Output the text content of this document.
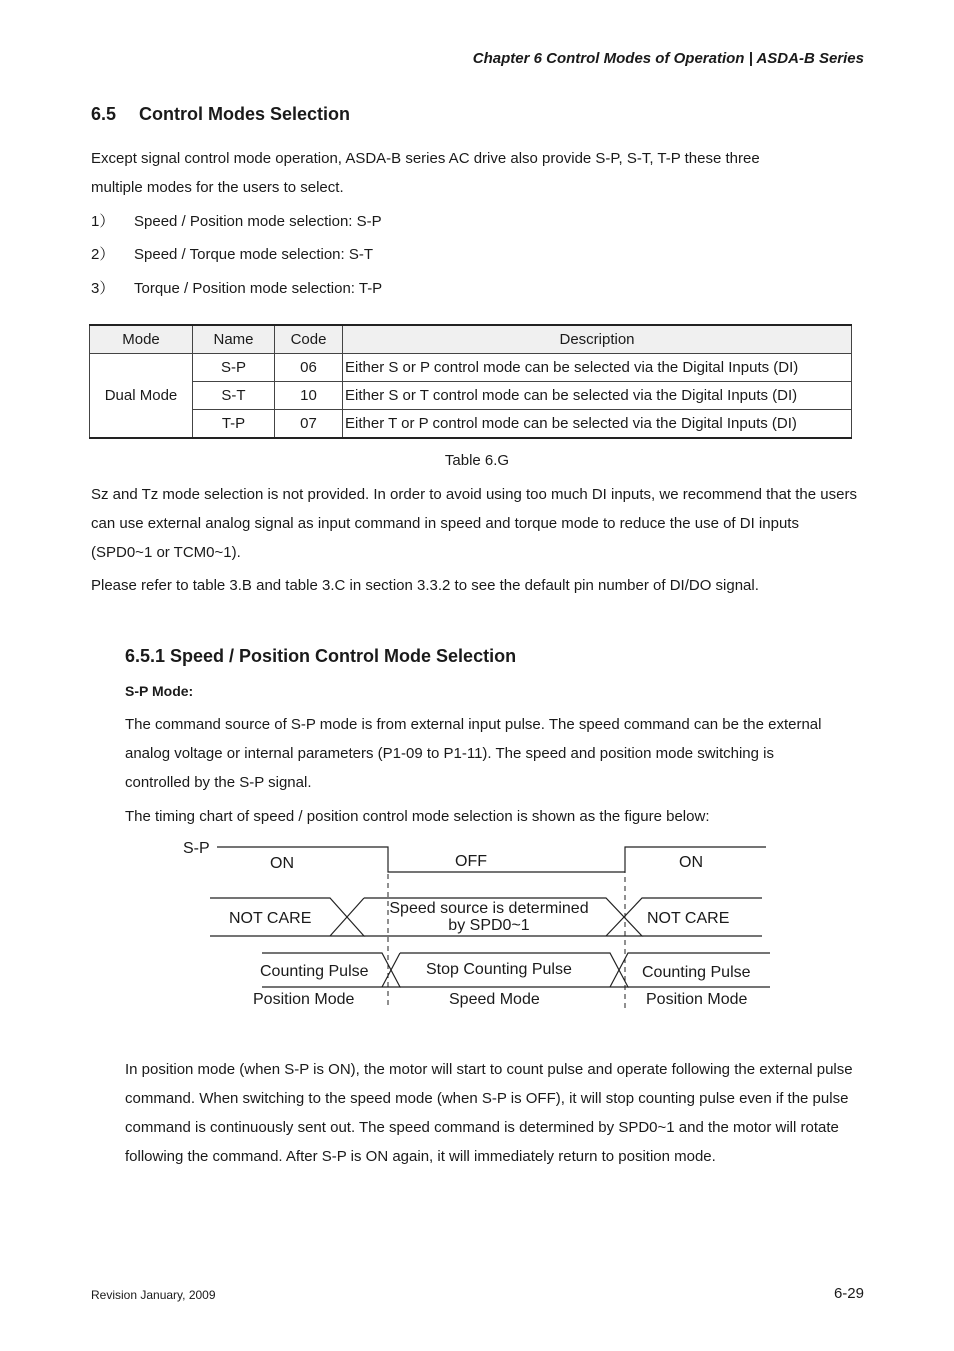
Chapter 6 Control Modes of Operation | ASDA-B Series
6.5 Control Modes Selection
Except signal control mode operation, ASDA-B series AC drive also provide S-P, S-T, T-P these three multiple modes for the users to select.
1） Speed / Position mode selection: S-P
2） Speed / Torque mode selection: S-T
3） Torque / Position mode selection: T-P
Mode	Name	Code	Description
Dual Mode	S-P	06	Either S or P control mode can be selected via the Digital Inputs (DI)
	S-T	10	Either S or T control mode can be selected via the Digital Inputs (DI)
	T-P	07	Either T or P control mode can be selected via the Digital Inputs (DI)
Table 6.G
Sz and Tz mode selection is not provided. In order to avoid using too much DI inputs, we recommend that the users can use external analog signal as input command in speed and torque mode to reduce the use of DI inputs (SPD0~1 or TCM0~1).
Please refer to table 3.B and table 3.C in section 3.3.2 to see the default pin number of DI/DO signal.
6.5.1 Speed / Position Control Mode Selection
S-P Mode:
The command source of S-P mode is from external input pulse. The speed command can be the external analog voltage or internal parameters (P1-09 to P1-11). The speed and position mode switching is controlled by the S-P signal.
The timing chart of speed / position control mode selection is shown as the figure below:
S-P
ON	OFF	ON
NOT CARE
Speed source is determined
by SPD0~1	NOT CARE
Counting Pulse	Stop Counting Pulse	Counting Pulse
Position Mode	Speed Mode	Position Mode
In position mode (when S-P is ON), the motor will start to count pulse and operate following the external pulse command. When switching to the speed mode (when S-P is OFF), it will stop counting pulse even if the pulse command is continuously sent out. The speed command is determined by SPD0~1 and the motor will rotate following the command. After S-P is ON again, it will immediately return to position mode.
Revision January, 2009	6-29
